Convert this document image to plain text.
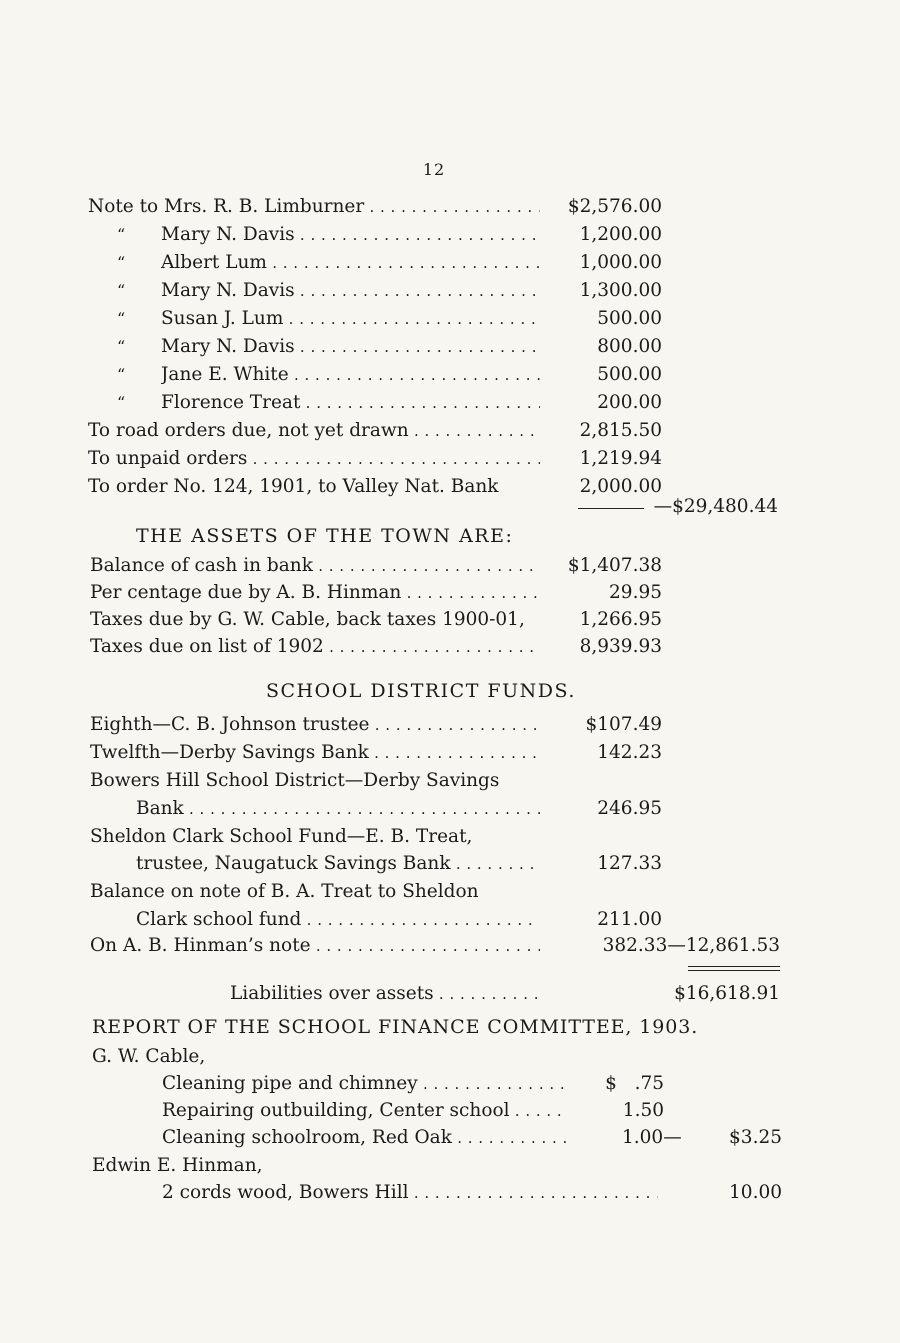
12
Note to Mrs. R. B. Limburner . . .	$2,576.00
“ Mary N. Davis . . .	1,200.00
“ Albert Lum . . .	1,000.00
“ Mary N. Davis . . .	1,300.00
“ Susan J. Lum . . .	500.00
“ Mary N. Davis . . .	800.00
“ Jane E. White . . .	500.00
“ Florence Treat . . .	200.00
To road orders due, not yet drawn . . .	2,815.50
To unpaid orders . . .	1,219.94
To order No. 124, 1901, to Valley Nat. Bank	2,000.00
—$29,480.44
THE ASSETS OF THE TOWN ARE:
Balance of cash in bank . . .	$1,407.38
Per centage due by A. B. Hinman . . .	29.95
Taxes due by G. W. Cable, back taxes 1900-01,	1,266.95
Taxes due on list of 1902 . . .	8,939.93
SCHOOL DISTRICT FUNDS.
Eighth—C. B. Johnson trustee . . .	$107.49
Twelfth—Derby Savings Bank . . .	142.23
Bowers Hill School District—Derby Savings
Bank . . .	246.95
Sheldon Clark School Fund—E. B. Treat,
trustee, Naugatuck Savings Bank . . .	127.33
Balance on note of B. A. Treat to Sheldon
Clark school fund . . .	211.00
On A. B. Hinman’s note . . .	382.33—12,861.53
Liabilities over assets . . .	$16,618.91
REPORT OF THE SCHOOL FINANCE COMMITTEE, 1903.
G. W. Cable,
Cleaning pipe and chimney . . .	$   .75
Repairing outbuilding, Center school . . .	1.50
Cleaning schoolroom, Red Oak . . .	1.00—	$3.25
Edwin E. Hinman,
2 cords wood, Bowers Hill . . .	10.00
